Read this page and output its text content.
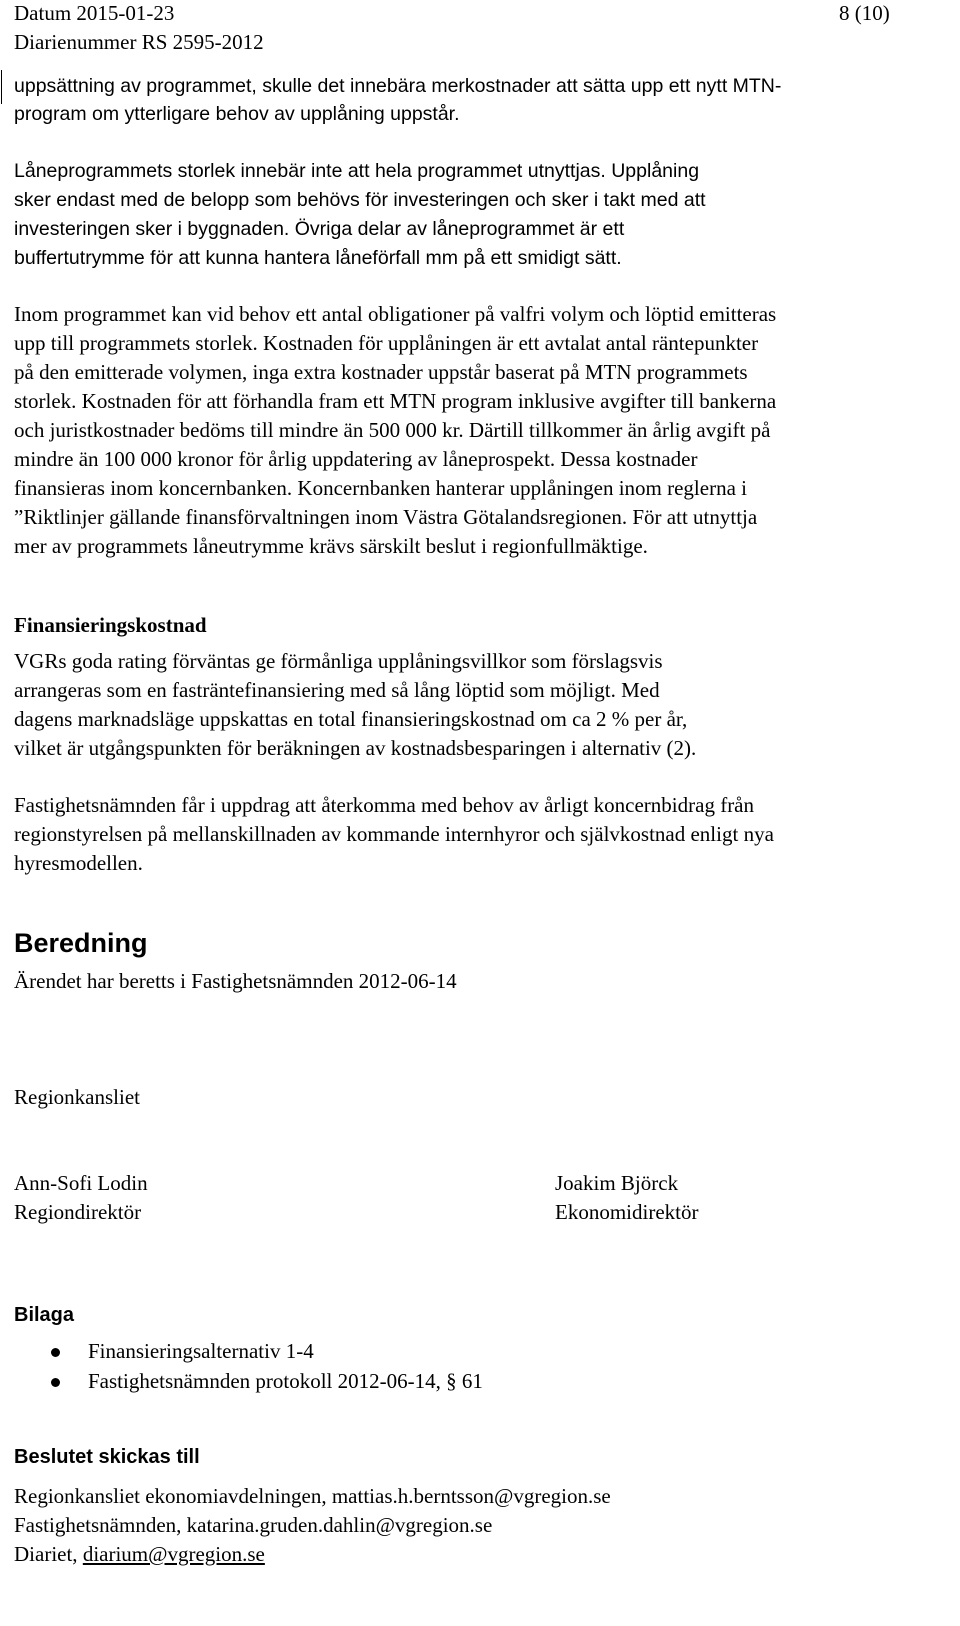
Datum 2015-01-23	8 (10)
Diarienummer RS 2595-2012

uppsättning av programmet, skulle det innebära merkostnader att sätta upp ett nytt MTN-
program om ytterligare behov av upplåning uppstår.

Låneprogrammets storlek innebär inte att hela programmet utnyttjas. Upplåning
sker endast med de belopp som behövs för investeringen och sker i takt med att
investeringen sker i byggnaden. Övriga delar av låneprogrammet är ett
buffertutrymme för att kunna hantera låneförfall mm på ett smidigt sätt.

Inom programmet kan vid behov ett antal obligationer på valfri volym och löptid emitteras
upp till programmets storlek. Kostnaden för upplåningen är ett avtalat antal räntepunkter
på den emitterade volymen, inga extra kostnader uppstår baserat på MTN programmets
storlek. Kostnaden för att förhandla fram ett MTN program inklusive avgifter till bankerna
och juristkostnader bedöms till mindre än 500 000 kr. Därtill tillkommer än årlig avgift på
mindre än 100 000 kronor för årlig uppdatering av låneprospekt. Dessa kostnader
finansieras inom koncernbanken. Koncernbanken hanterar upplåningen inom reglerna i
”Riktlinjer gällande finansförvaltningen inom Västra Götalandsregionen. För att utnyttja
mer av programmets låneutrymme krävs särskilt beslut i regionfullmäktige.

Finansieringskostnad

VGRs goda rating förväntas ge förmånliga upplåningsvillkor som förslagsvis
arrangeras som en fasträntefinansiering med så lång löptid som möjligt. Med
dagens marknadsläge uppskattas en total finansieringskostnad om ca 2 % per år,
vilket är utgångspunkten för beräkningen av kostnadsbesparingen i alternativ (2).

Fastighetsnämnden får i uppdrag att återkomma med behov av årligt koncernbidrag från
regionstyrelsen på mellanskillnaden av kommande internhyror och självkostnad enligt nya
hyresmodellen.

Beredning
Ärendet har beretts i Fastighetsnämnden 2012-06-14
Regionkansliet
Ann-Sofi Lodin
Regiondirektör
Joakim Björck
Ekonomidirektör
Bilaga
Finansieringsalternativ 1-4
Fastighetsnämnden protokoll 2012-06-14, § 61
Beslutet skickas till
Regionkansliet ekonomiavdelningen, mattias.h.berntsson@vgregion.se
Fastighetsnämnden, katarina.gruden.dahlin@vgregion.se
Diariet, diarium@vgregion.se
